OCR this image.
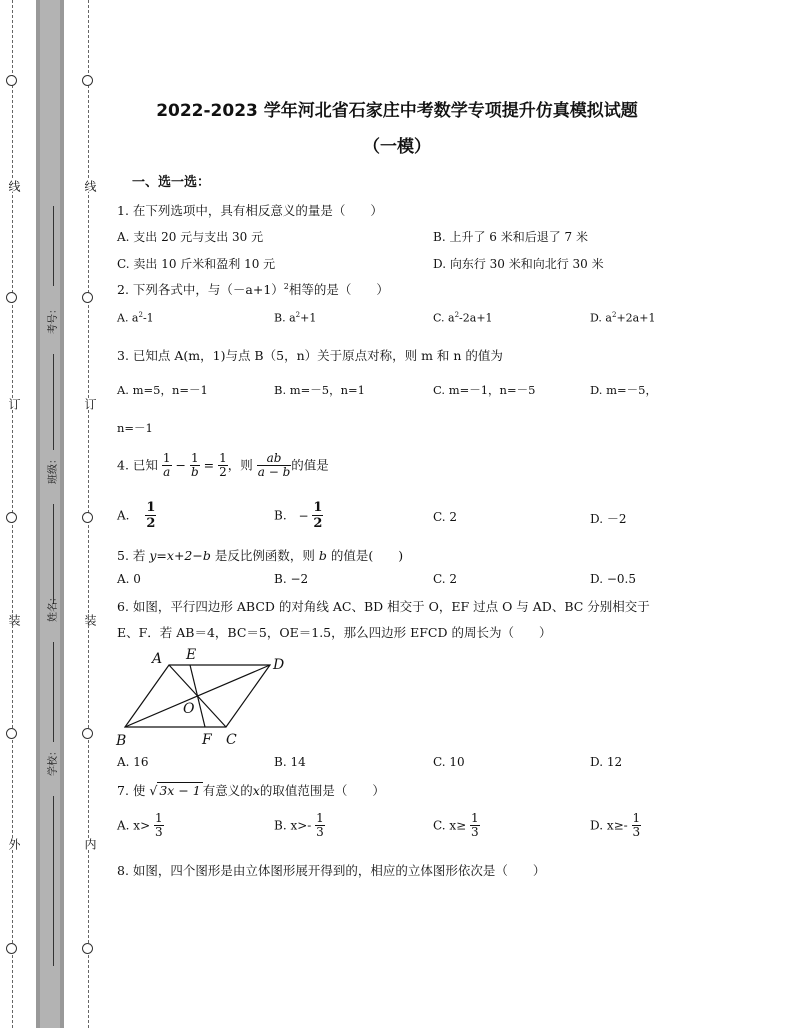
线
订
装
外
线
订
装
内
考号：
班级：
姓名：
学校：
2022-2023 学年河北省石家庄中考数学专项提升仿真模拟试题
（一模）
一、选一选：
1. 在下列选项中，具有相反意义的量是（　　）
A. 支出 20 元与支出 30 元	B. 上升了 6 米和后退了 7 米
C. 卖出 10 斤米和盈利 10 元	D. 向东行 30 米和向北行 30 米
2. 下列各式中，与$(-a+1)^2$相等的是（　　）
A. $a^2-1$	B. $a^2+1$	C. $a^2-2a+1$	D. $a^2+2a+1$
3. 已知点 A(m，1)与点 B（5，n）关于原点对称，则 m 和 n 的值为
A. m=5，n=－1	B. m=－5，n=1	C. m=－1，n=－5	D. m=－5，
n=－1
4. 已知 $\frac{1}{a} - \frac{1}{b} = \frac{1}{2}$ ，则 $\frac{ab}{a - b}$ 的值是
A. $\frac{1}{2}$	B. − $\frac{1}{2}$	C. 2	D. －2
5. 若 y=x+2−b 是反比例函数，则 b 的值是(　　)
A. 0	B. −2	C. 2	D. −0.5
6. 如图，平行四边形 ABCD 的对角线 AC、BD 相交于 O，EF 过点 O 与 AD、BC 分别相交于
E、F．若 AB＝4，BC＝5，OE＝1.5，那么四边形 EFCD 的周长为（　　）
A E
D
O
B	F C
A. 16	B. 14	C. 10	D. 12
7. 使 √ 3x − 1 有意义的x的取值范围是（　　）
A. $x> \frac{1}{3}$	B. $x>- \frac{1}{3}$	C. $x\ge \frac{1}{3}$	D. $x\ge- \frac{1}{3}$
8. 如图，四个图形是由立体图形展开得到的，相应的立体图形依次是（　　）
